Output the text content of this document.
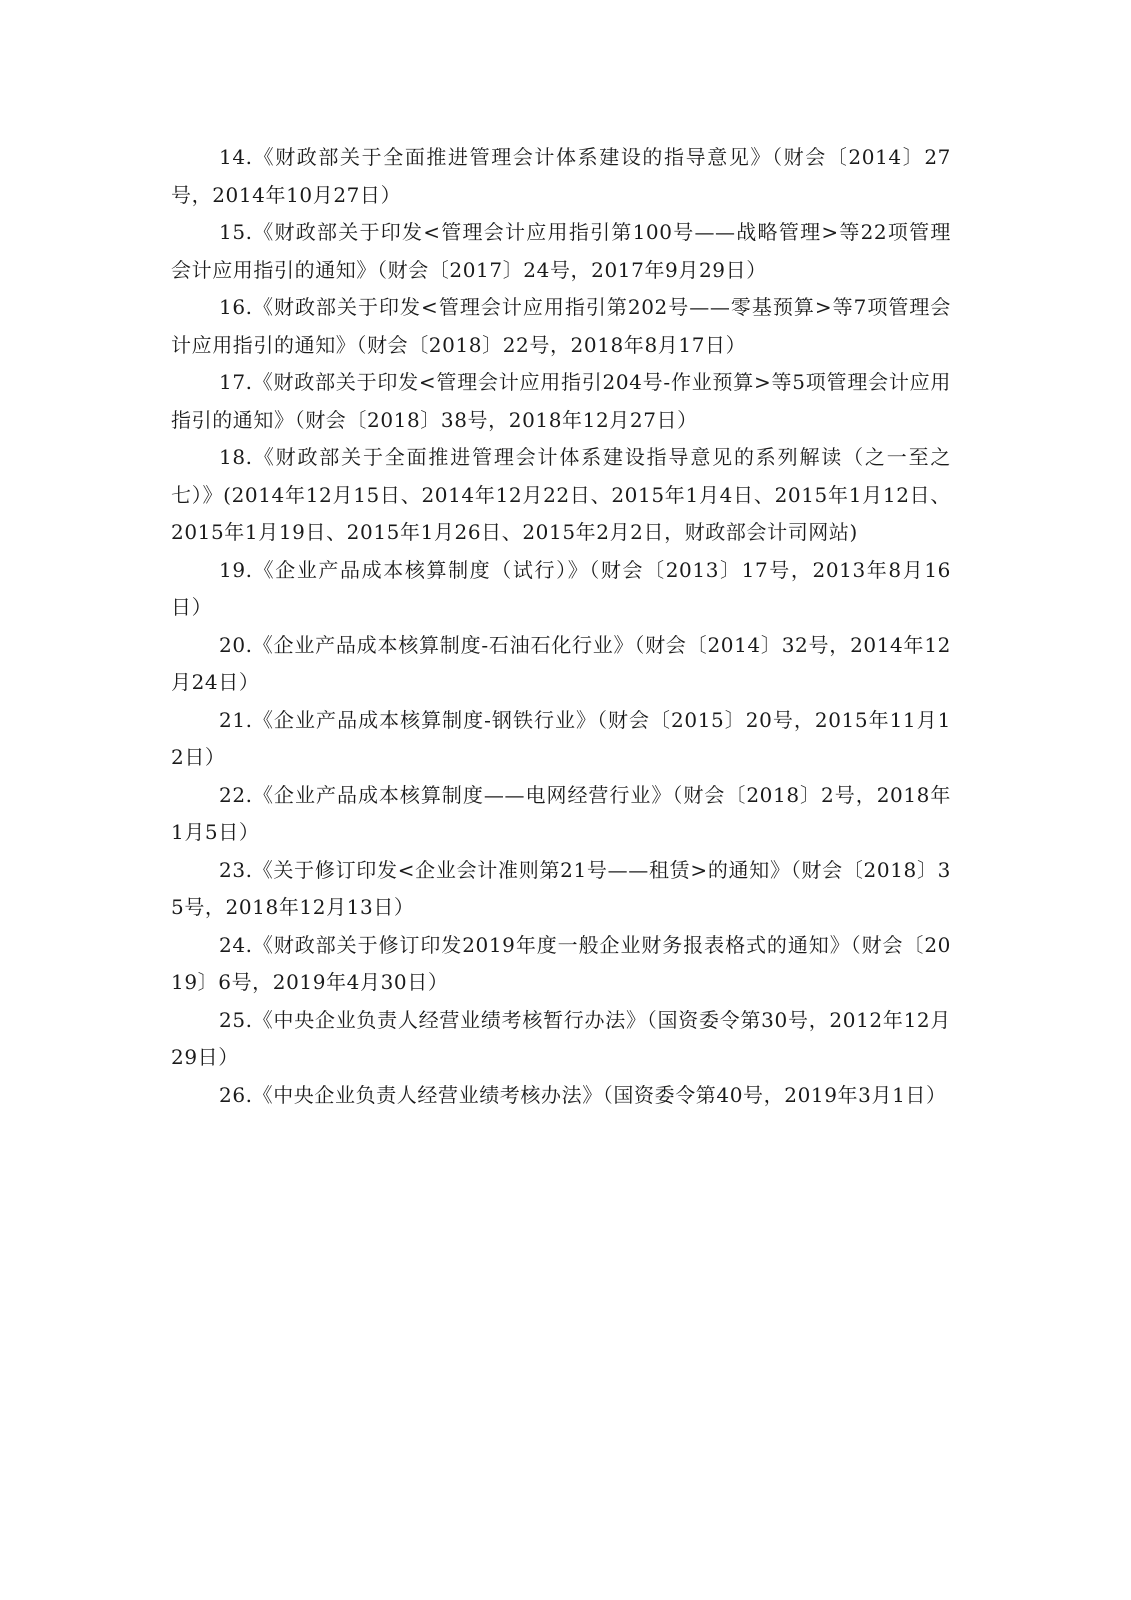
14.《财政部关于全面推进管理会计体系建设的指导意见》（财会〔2014〕27号，2014年10月27日）

15.《财政部关于印发<管理会计应用指引第100号——战略管理>等22项管理会计应用指引的通知》（财会〔2017〕24号，2017年9月29日）

16.《财政部关于印发<管理会计应用指引第202号——零基预算>等7项管理会计应用指引的通知》（财会〔2018〕22号，2018年8月17日）

17.《财政部关于印发<管理会计应用指引204号-作业预算>等5项管理会计应用指引的通知》（财会〔2018〕38号，2018年12月27日）

18.《财政部关于全面推进管理会计体系建设指导意见的系列解读（之一至之七）》(2014年12月15日、2014年12月22日、2015年1月4日、2015年1月12日、2015年1月19日、2015年1月26日、2015年2月2日，财政部会计司网站)

19.《企业产品成本核算制度（试行）》（财会〔2013〕17号，2013年8月16日）

20.《企业产品成本核算制度-石油石化行业》（财会〔2014〕32号，2014年12月24日）

21.《企业产品成本核算制度-钢铁行业》（财会〔2015〕20号，2015年11月12日）

22.《企业产品成本核算制度——电网经营行业》（财会〔2018〕2号，2018年1月5日）

23.《关于修订印发<企业会计准则第21号——租赁>的通知》（财会〔2018〕35号，2018年12月13日）

24.《财政部关于修订印发2019年度一般企业财务报表格式的通知》（财会〔2019〕6号，2019年4月30日）

25.《中央企业负责人经营业绩考核暂行办法》（国资委令第30号，2012年12月29日）

26.《中央企业负责人经营业绩考核办法》（国资委令第40号，2019年3月1日）
